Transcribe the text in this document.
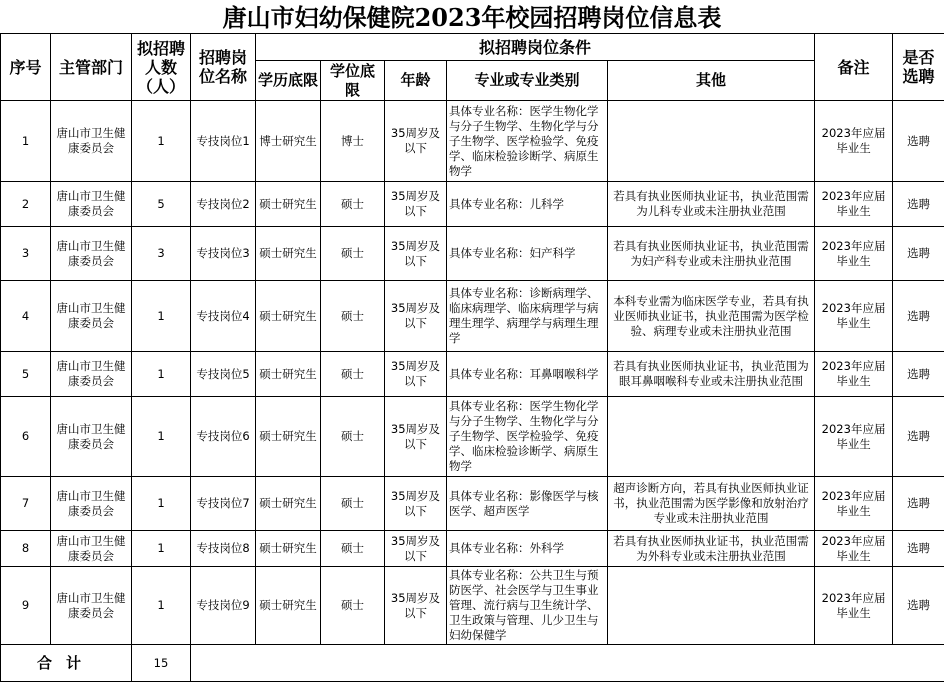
唐山市妇幼保健院2023年校园招聘岗位信息表
序号	主管部门	拟招聘人数（人）	招聘岗位名称	拟招聘岗位条件					备注	是否选聘
				学历底限	学位底限	年龄	专业或专业类别	其他		
1	唐山市卫生健康委员会	1	专技岗位1	博士研究生	博士	35周岁及以下	具体专业名称：医学生物化学与分子生物学、生物化学与分子生物学、医学检验学、免疫学、临床检验诊断学、病原生物学		2023年应届毕业生	选聘
2	唐山市卫生健康委员会	5	专技岗位2	硕士研究生	硕士	35周岁及以下	具体专业名称：儿科学	若具有执业医师执业证书，执业范围需为儿科专业或未注册执业范围	2023年应届毕业生	选聘
3	唐山市卫生健康委员会	3	专技岗位3	硕士研究生	硕士	35周岁及以下	具体专业名称：妇产科学	若具有执业医师执业证书，执业范围需为妇产科专业或未注册执业范围	2023年应届毕业生	选聘
4	唐山市卫生健康委员会	1	专技岗位4	硕士研究生	硕士	35周岁及以下	具体专业名称：诊断病理学、临床病理学、临床病理学与病理生理学、病理学与病理生理学	本科专业需为临床医学专业，若具有执业医师执业证书，执业范围需为医学检验、病理专业或未注册执业范围	2023年应届毕业生	选聘
5	唐山市卫生健康委员会	1	专技岗位5	硕士研究生	硕士	35周岁及以下	具体专业名称：耳鼻咽喉科学	若具有执业医师执业证书，执业范围为眼耳鼻咽喉科专业或未注册执业范围	2023年应届毕业生	选聘
6	唐山市卫生健康委员会	1	专技岗位6	硕士研究生	硕士	35周岁及以下	具体专业名称：医学生物化学与分子生物学、生物化学与分子生物学、医学检验学、免疫学、临床检验诊断学、病原生物学		2023年应届毕业生	选聘
7	唐山市卫生健康委员会	1	专技岗位7	硕士研究生	硕士	35周岁及以下	具体专业名称：影像医学与核医学、超声医学	超声诊断方向，若具有执业医师执业证书，执业范围需为医学影像和放射治疗专业或未注册执业范围	2023年应届毕业生	选聘
8	唐山市卫生健康委员会	1	专技岗位8	硕士研究生	硕士	35周岁及以下	具体专业名称：外科学	若具有执业医师执业证书，执业范围需为外科专业或未注册执业范围	2023年应届毕业生	选聘
9	唐山市卫生健康委员会	1	专技岗位9	硕士研究生	硕士	35周岁及以下	具体专业名称：公共卫生与预防医学、社会医学与卫生事业管理、流行病与卫生统计学、卫生政策与管理、儿少卫生与妇幼保健学		2023年应届毕业生	选聘
合计		15								
